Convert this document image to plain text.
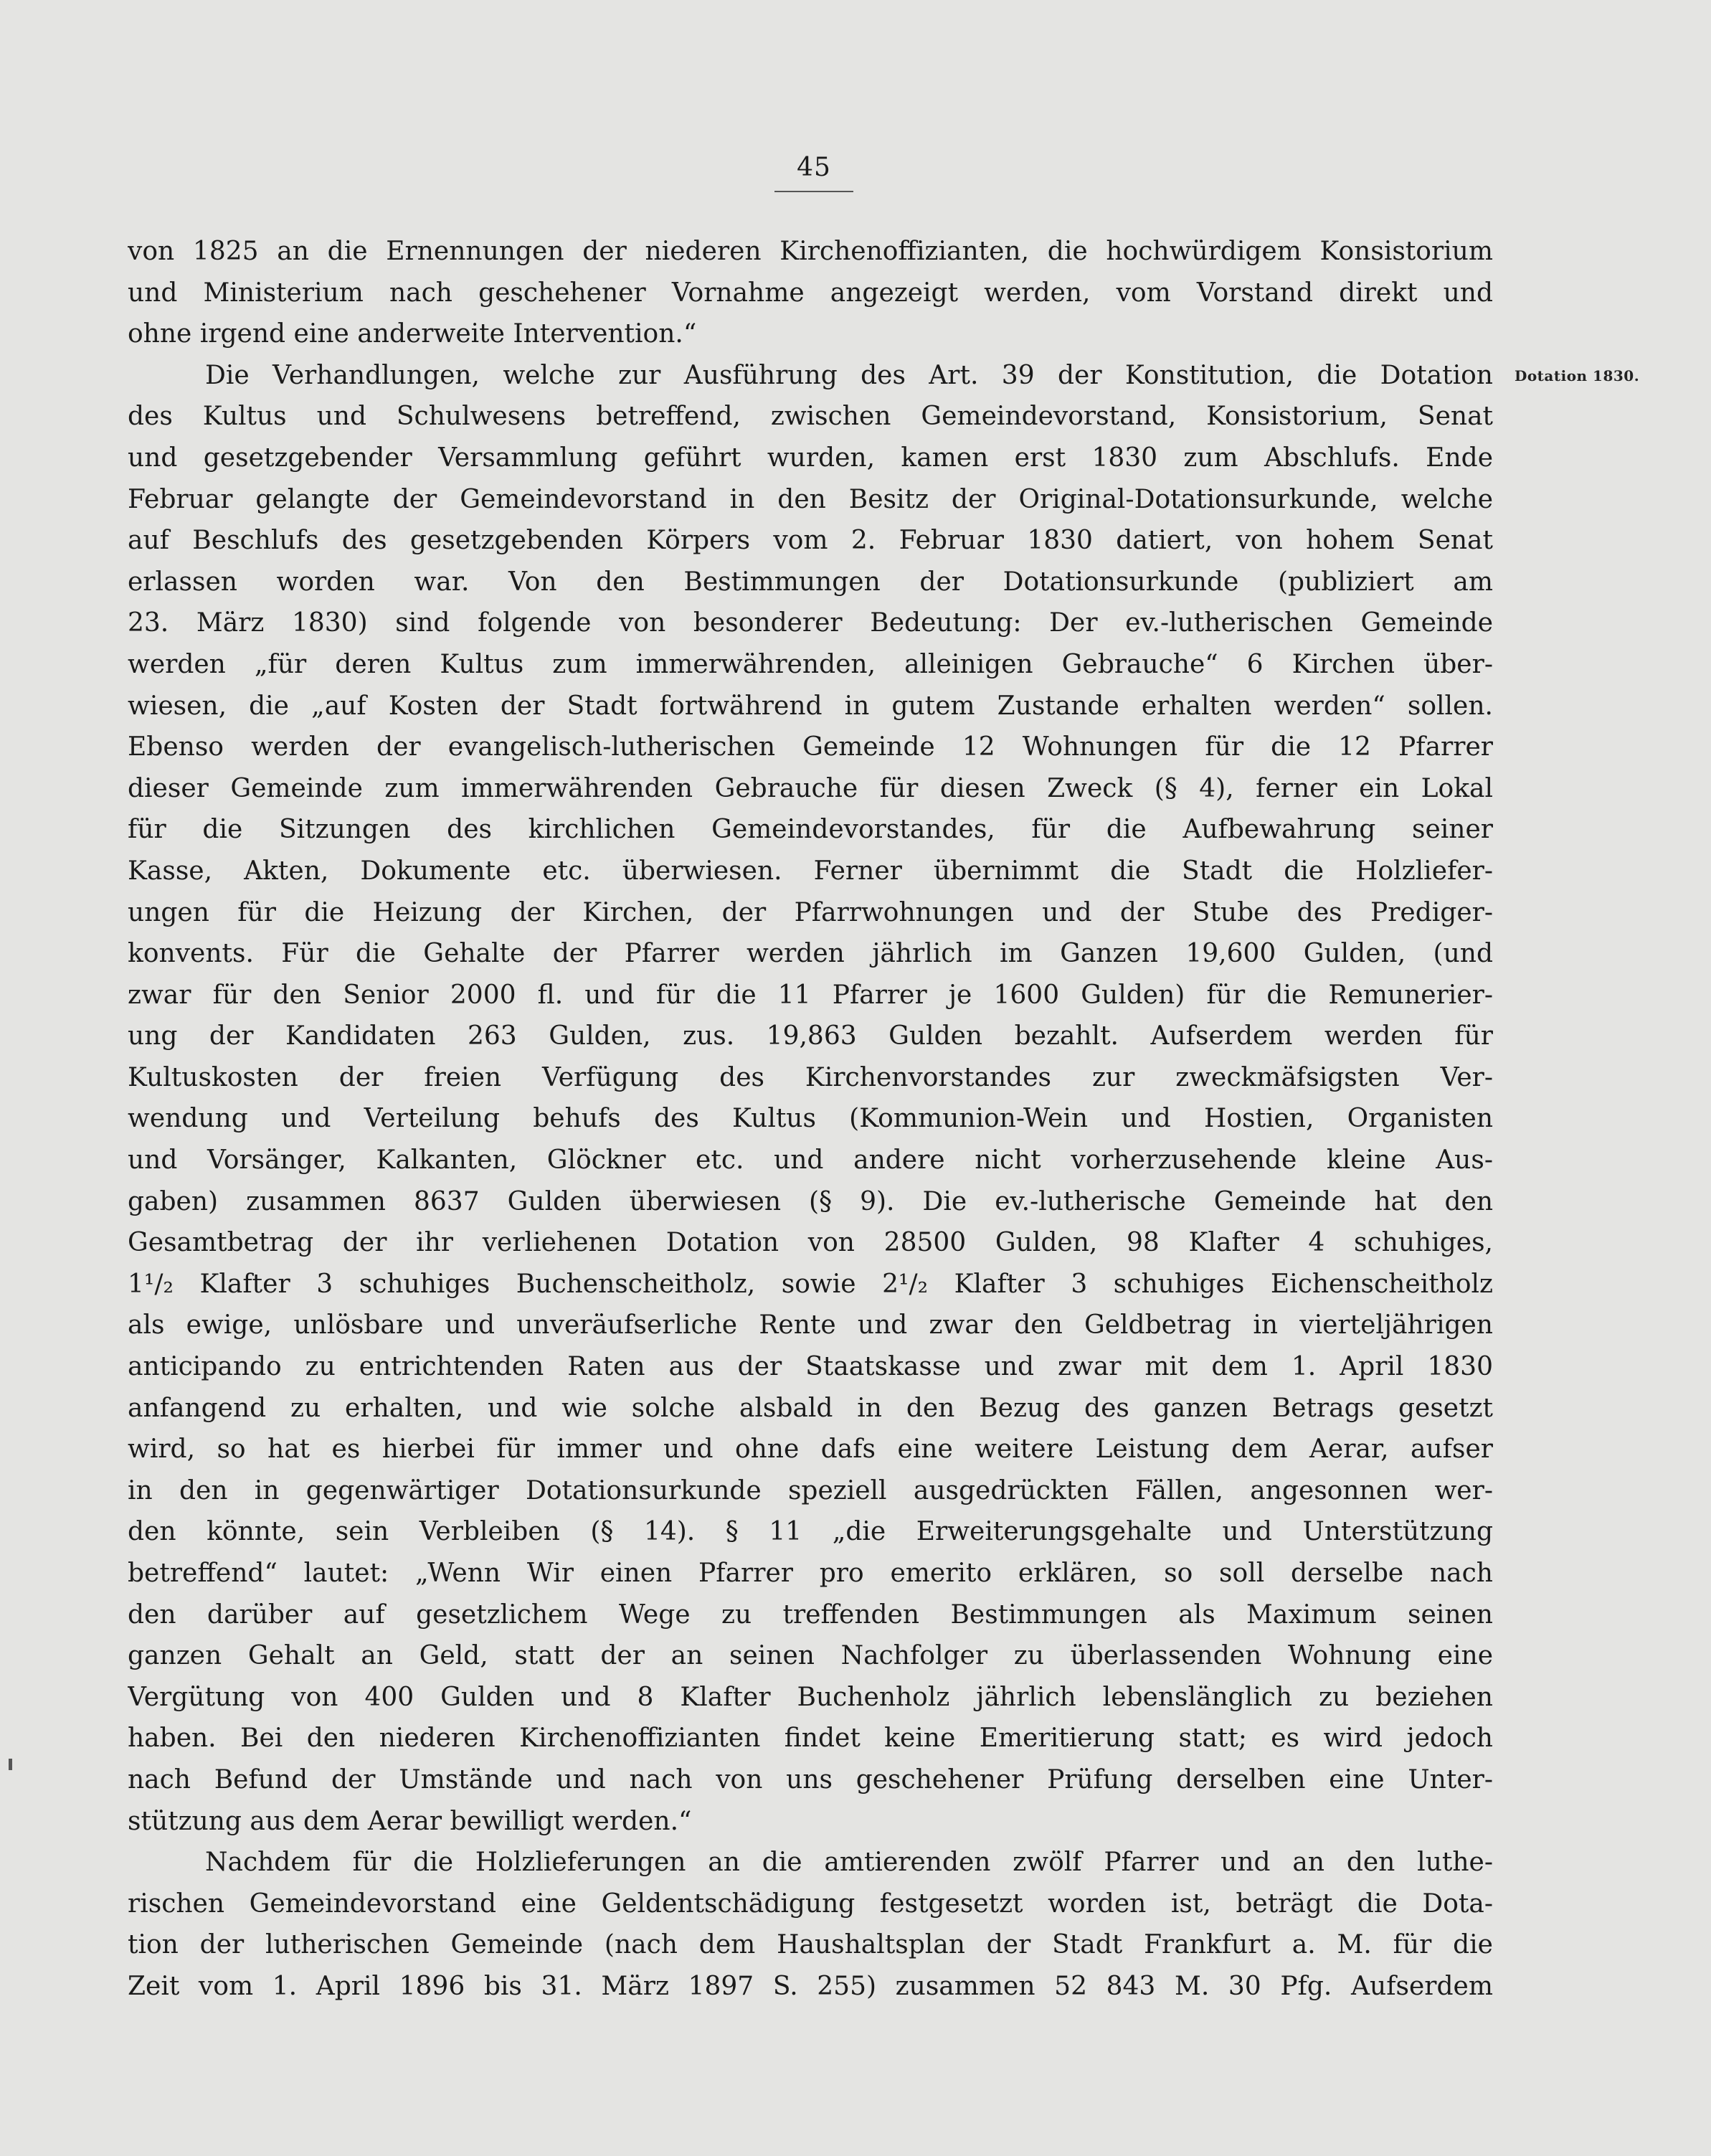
45
Dotation 1830.
von 1825 an die Ernennungen der niederen Kirchenoffizianten, die hochwürdigem Konsistorium
und Ministerium nach geschehener Vornahme angezeigt werden, vom Vorstand direkt und
ohne irgend eine anderweite Intervention.“
Die Verhandlungen, welche zur Ausführung des Art. 39 der Konstitution, die Dotation
des Kultus und Schulwesens betreffend, zwischen Gemeindevorstand, Konsistorium, Senat
und gesetzgebender Versammlung geführt wurden, kamen erst 1830 zum Abschlufs. Ende
Februar gelangte der Gemeindevorstand in den Besitz der Original-Dotationsurkunde, welche
auf Beschlufs des gesetzgebenden Körpers vom 2. Februar 1830 datiert, von hohem Senat
erlassen worden war. Von den Bestimmungen der Dotationsurkunde (publiziert am
23. März 1830) sind folgende von besonderer Bedeutung: Der ev.-lutherischen Gemeinde
werden „für deren Kultus zum immerwährenden, alleinigen Gebrauche“ 6 Kirchen über-
wiesen, die „auf Kosten der Stadt fortwährend in gutem Zustande erhalten werden“ sollen.
Ebenso werden der evangelisch-lutherischen Gemeinde 12 Wohnungen für die 12 Pfarrer
dieser Gemeinde zum immerwährenden Gebrauche für diesen Zweck (§ 4), ferner ein Lokal
für die Sitzungen des kirchlichen Gemeindevorstandes, für die Aufbewahrung seiner
Kasse, Akten, Dokumente etc. überwiesen. Ferner übernimmt die Stadt die Holzliefer-
ungen für die Heizung der Kirchen, der Pfarrwohnungen und der Stube des Prediger-
konvents. Für die Gehalte der Pfarrer werden jährlich im Ganzen 19,600 Gulden, (und
zwar für den Senior 2000 fl. und für die 11 Pfarrer je 1600 Gulden) für die Remunerier-
ung der Kandidaten 263 Gulden, zus. 19,863 Gulden bezahlt. Aufserdem werden für
Kultuskosten der freien Verfügung des Kirchenvorstandes zur zweckmäfsigsten Ver-
wendung und Verteilung behufs des Kultus (Kommunion-Wein und Hostien, Organisten
und Vorsänger, Kalkanten, Glöckner etc. und andere nicht vorherzusehende kleine Aus-
gaben) zusammen 8637 Gulden überwiesen (§ 9). Die ev.-lutherische Gemeinde hat den
Gesamtbetrag der ihr verliehenen Dotation von 28500 Gulden, 98 Klafter 4 schuhiges,
1¹/₂ Klafter 3 schuhiges Buchenscheitholz, sowie 2¹/₂ Klafter 3 schuhiges Eichenscheitholz
als ewige, unlösbare und unveräufserliche Rente und zwar den Geldbetrag in vierteljährigen
anticipando zu entrichtenden Raten aus der Staatskasse und zwar mit dem 1. April 1830
anfangend zu erhalten, und wie solche alsbald in den Bezug des ganzen Betrags gesetzt
wird, so hat es hierbei für immer und ohne dafs eine weitere Leistung dem Aerar, aufser
in den in gegenwärtiger Dotationsurkunde speziell ausgedrückten Fällen, angesonnen wer-
den könnte, sein Verbleiben (§ 14). § 11 „die Erweiterungsgehalte und Unterstützung
betreffend“ lautet: „Wenn Wir einen Pfarrer pro emerito erklären, so soll derselbe nach
den darüber auf gesetzlichem Wege zu treffenden Bestimmungen als Maximum seinen
ganzen Gehalt an Geld, statt der an seinen Nachfolger zu überlassenden Wohnung eine
Vergütung von 400 Gulden und 8 Klafter Buchenholz jährlich lebenslänglich zu beziehen
haben. Bei den niederen Kirchenoffizianten findet keine Emeritierung statt; es wird jedoch
nach Befund der Umstände und nach von uns geschehener Prüfung derselben eine Unter-
stützung aus dem Aerar bewilligt werden.“
Nachdem für die Holzlieferungen an die amtierenden zwölf Pfarrer und an den luthe-
rischen Gemeindevorstand eine Geldentschädigung festgesetzt worden ist, beträgt die Dota-
tion der lutherischen Gemeinde (nach dem Haushaltsplan der Stadt Frankfurt a. M. für die
Zeit vom 1. April 1896 bis 31. März 1897 S. 255) zusammen 52 843 M. 30 Pfg. Aufserdem
